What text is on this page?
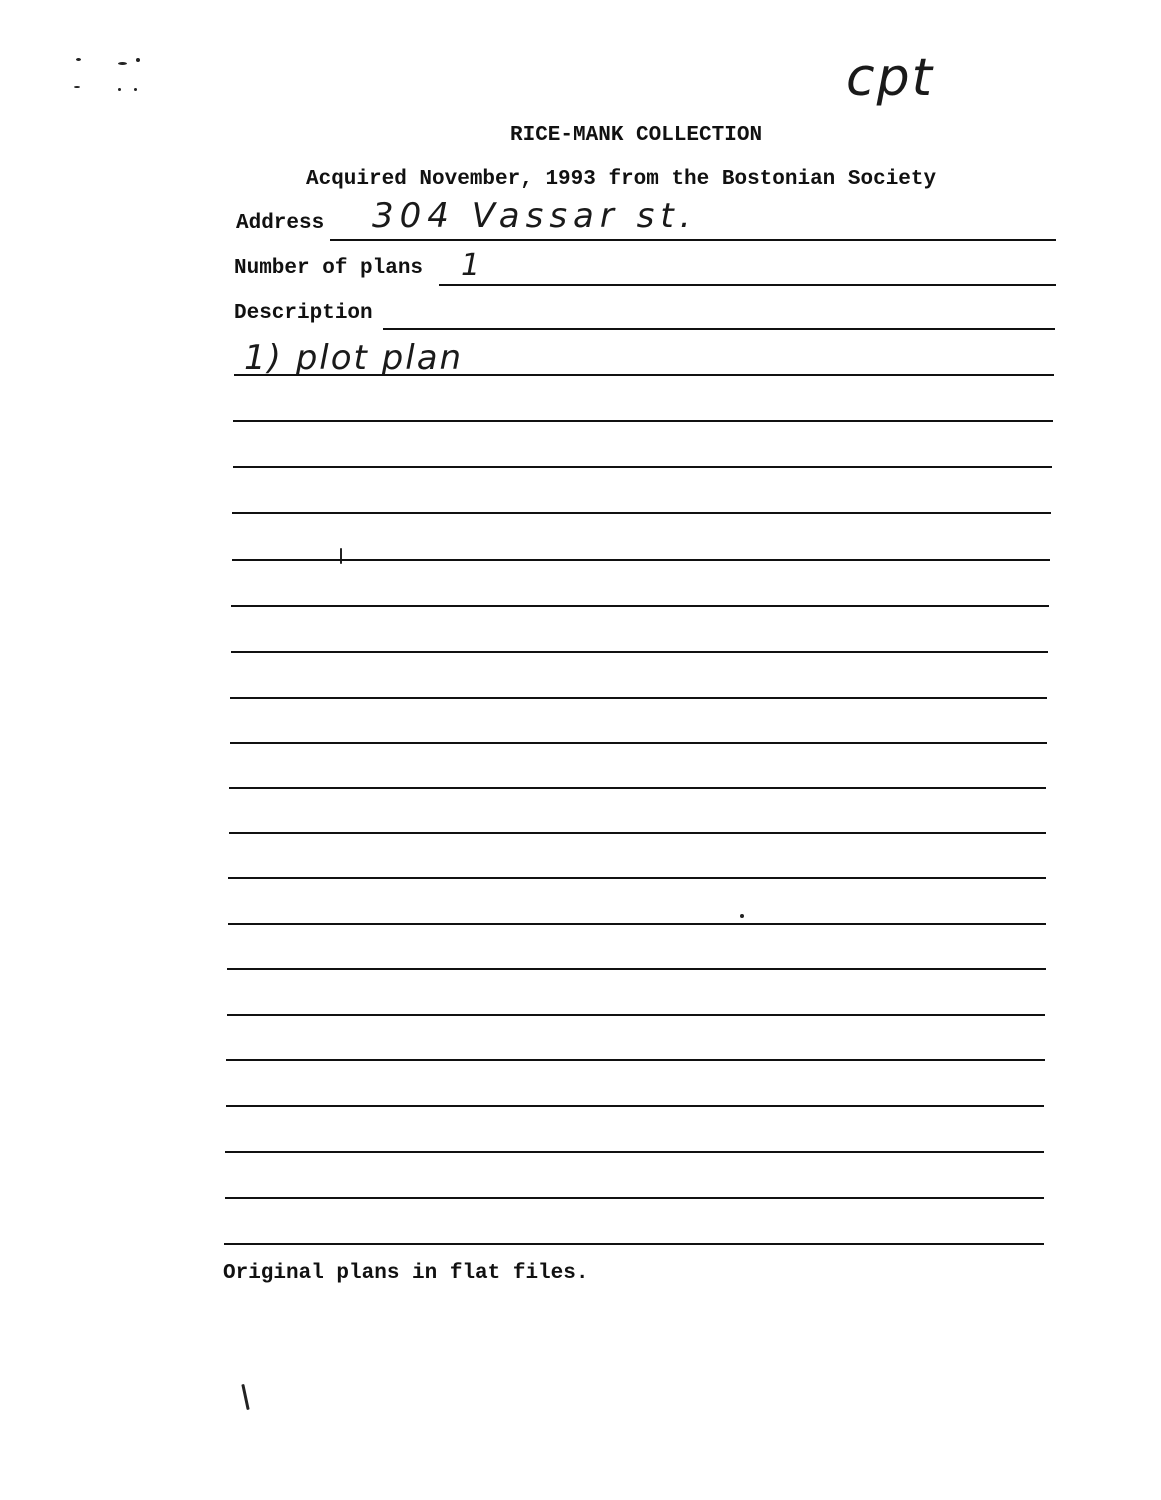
cpt
RICE-MANK COLLECTION
Acquired November, 1993 from the Bostonian Society
Address 304 Vassar st.
Number of plans 1
Description
1) plot plan
Original plans in flat files.
